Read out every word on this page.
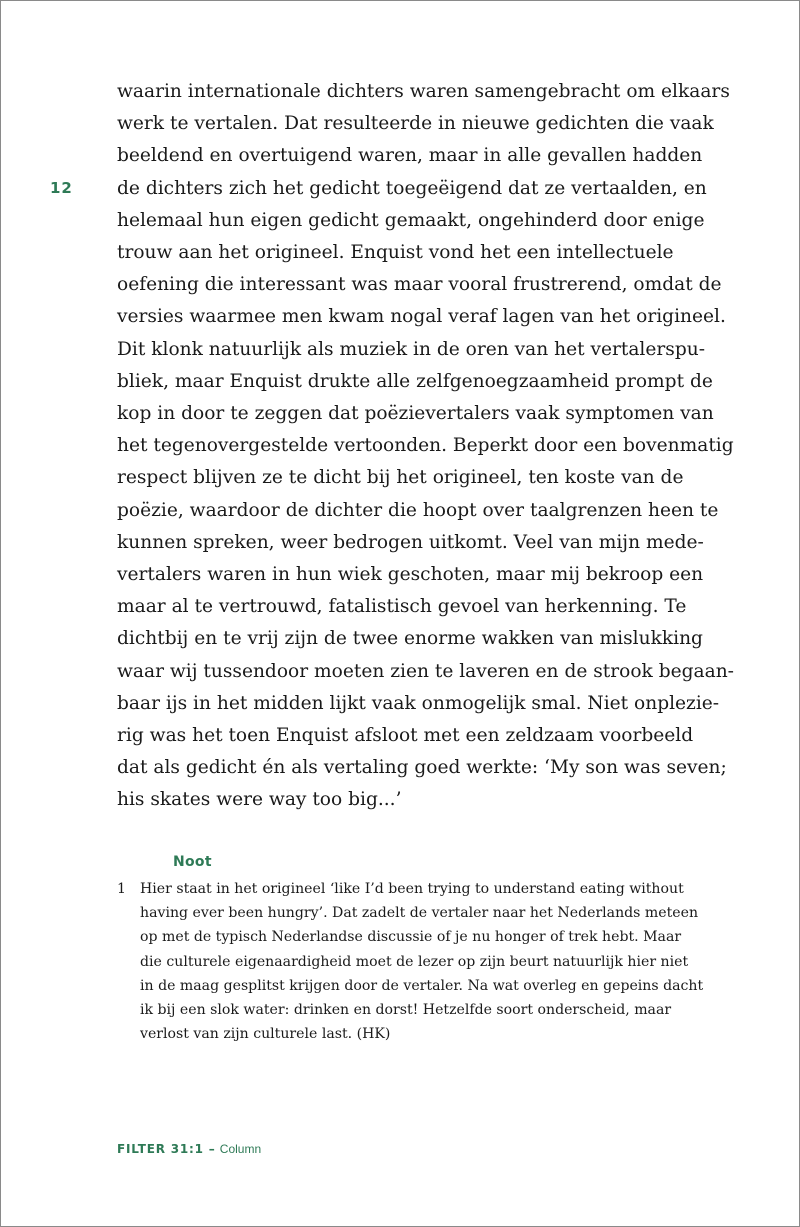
12
waarin internationale dichters waren samengebracht om elkaars
werk te vertalen. Dat resulteerde in nieuwe gedichten die vaak
beeldend en overtuigend waren, maar in alle gevallen hadden
de dichters zich het gedicht toegeëigend dat ze vertaalden, en
helemaal hun eigen gedicht gemaakt, ongehinderd door enige
trouw aan het origineel. Enquist vond het een intellectuele
oefening die interessant was maar vooral frustrerend, omdat de
versies waarmee men kwam nogal veraf lagen van het origineel.
Dit klonk natuurlijk als muziek in de oren van het vertalerspu-
bliek, maar Enquist drukte alle zelfgenoegzaamheid prompt de
kop in door te zeggen dat poëzievertalers vaak symptomen van
het tegenovergestelde vertoonden. Beperkt door een bovenmatig
respect blijven ze te dicht bij het origineel, ten koste van de
poëzie, waardoor de dichter die hoopt over taalgrenzen heen te
kunnen spreken, weer bedrogen uitkomt. Veel van mijn mede-
vertalers waren in hun wiek geschoten, maar mij bekroop een
maar al te vertrouwd, fatalistisch gevoel van herkenning. Te
dichtbij en te vrij zijn de twee enorme wakken van mislukking
waar wij tussendoor moeten zien te laveren en de strook begaan-
baar ijs in het midden lijkt vaak onmogelijk smal. Niet onplezie-
rig was het toen Enquist afsloot met een zeldzaam voorbeeld
dat als gedicht én als vertaling goed werkte: ‘My son was seven;
his skates were way too big...’
Noot
1 Hier staat in het origineel ‘like I’d been trying to understand eating without
having ever been hungry’. Dat zadelt de vertaler naar het Nederlands meteen
op met de typisch Nederlandse discussie of je nu honger of trek hebt. Maar
die culturele eigenaardigheid moet de lezer op zijn beurt natuurlijk hier niet
in de maag gesplitst krijgen door de vertaler. Na wat overleg en gepeins dacht
ik bij een slok water: drinken en dorst! Hetzelfde soort onderscheid, maar
verlost van zijn culturele last. (HK)
FILTER 31:1 – Column
